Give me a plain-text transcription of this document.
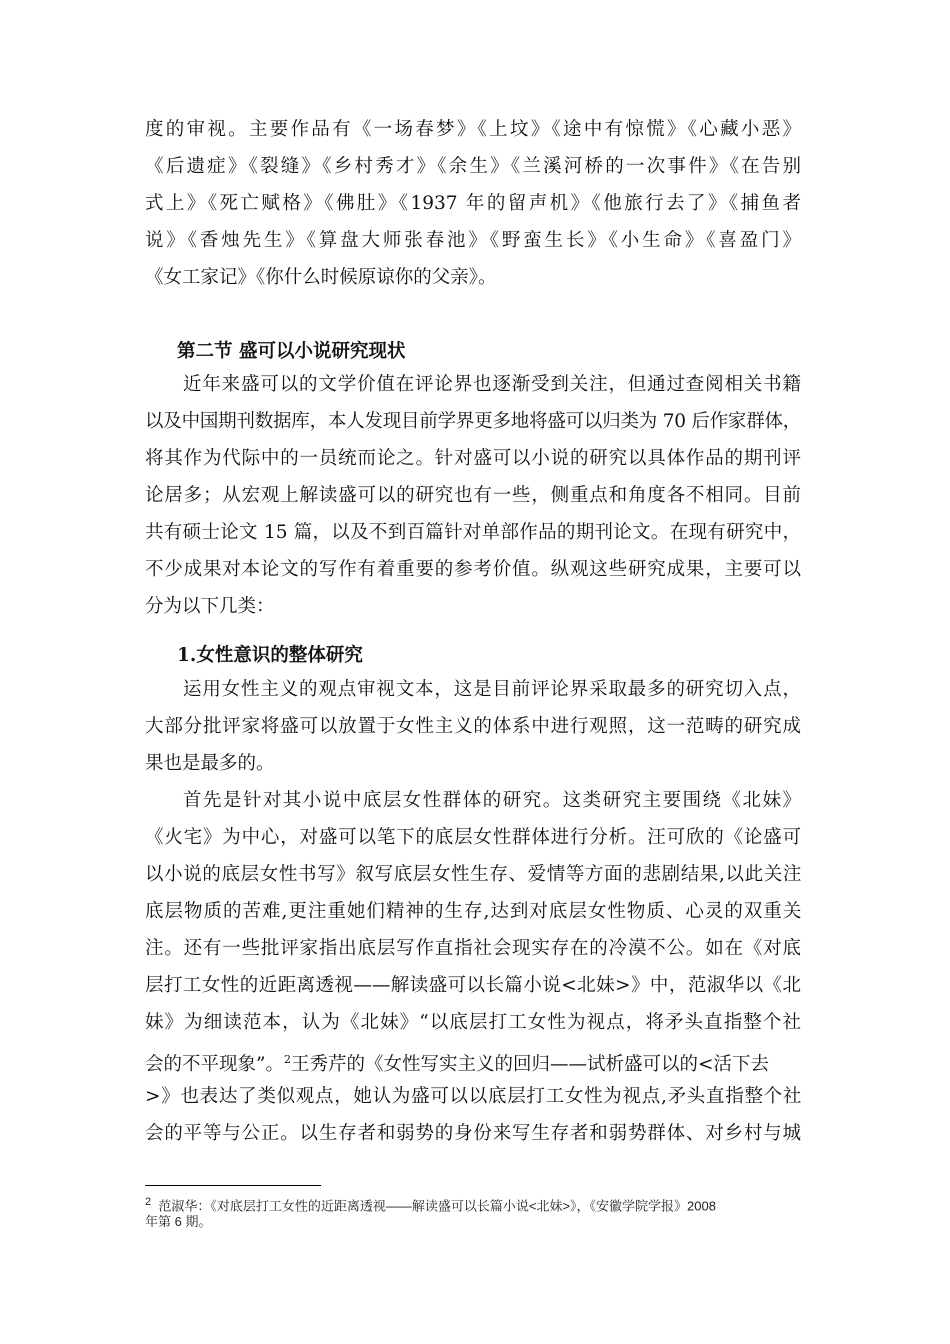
度的审视。主要作品有《一场春梦》《上坟》《途中有惊慌》《心藏小恶》
《后遗症》《裂缝》《乡村秀才》《余生》《兰溪河桥的一次事件》《在告别
式上》《死亡赋格》《佛肚》《1937 年的留声机》《他旅行去了》《捕鱼者
说》《香烛先生》《算盘大师张春池》《野蛮生长》《小生命》《喜盈门》
《女工家记》《你什么时候原谅你的父亲》。
第二节 盛可以小说研究现状
近年来盛可以的文学价值在评论界也逐渐受到关注，但通过查阅相关书籍
以及中国期刊数据库，本人发现目前学界更多地将盛可以归类为 70 后作家群体，
将其作为代际中的一员统而论之。针对盛可以小说的研究以具体作品的期刊评
论居多；从宏观上解读盛可以的研究也有一些，侧重点和角度各不相同。目前
共有硕士论文 15 篇，以及不到百篇针对单部作品的期刊论文。在现有研究中，
不少成果对本论文的写作有着重要的参考价值。纵观这些研究成果，主要可以
分为以下几类：
1.女性意识的整体研究
运用女性主义的观点审视文本，这是目前评论界采取最多的研究切入点，
大部分批评家将盛可以放置于女性主义的体系中进行观照，这一范畴的研究成
果也是最多的。
首先是针对其小说中底层女性群体的研究。这类研究主要围绕《北妹》
《火宅》为中心，对盛可以笔下的底层女性群体进行分析。汪可欣的《论盛可
以小说的底层女性书写》叙写底层女性生存、爱情等方面的悲剧结果,以此关注
底层物质的苦难,更注重她们精神的生存,达到对底层女性物质、心灵的双重关
注。还有一些批评家指出底层写作直指社会现实存在的冷漠不公。如在《对底
层打工女性的近距离透视——解读盛可以长篇小说<北妹>》中，范淑华以《北
妹》为细读范本，认为《北妹》“以底层打工女性为视点，将矛头直指整个社
会的不平现象”。$^2$王秀芹的《女性写实主义的回归——试析盛可以的<活下去
>》也表达了类似观点，她认为盛可以以底层打工女性为视点,矛头直指整个社
会的平等与公正。以生存者和弱势的身份来写生存者和弱势群体、对乡村与城
$^2$ 范淑华：《对底层打工女性的近距离透视——解读盛可以长篇小说<北妹>》，《安徽学院学报》2008
年第 6 期。
